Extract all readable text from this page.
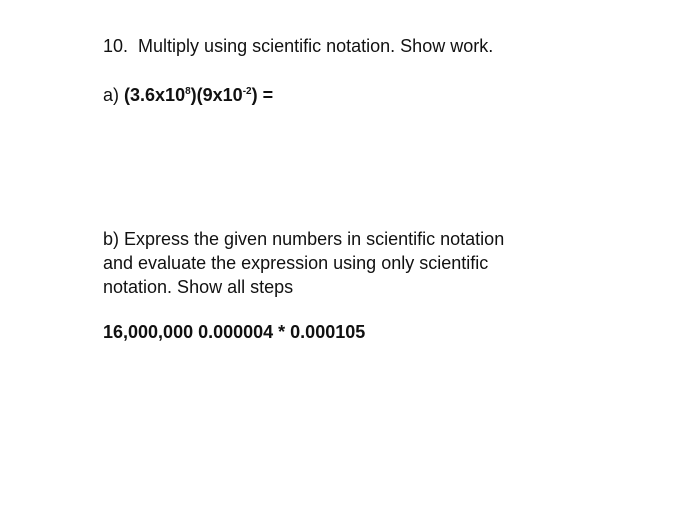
10. Multiply using scientific notation. Show work.

a) $(3.6x10^8)(9x10^{-2})$ =

b) Express the given numbers in scientific notation
and evaluate the expression using only scientific
notation. Show all steps

16,000,000 0.000004 * 0.000105
